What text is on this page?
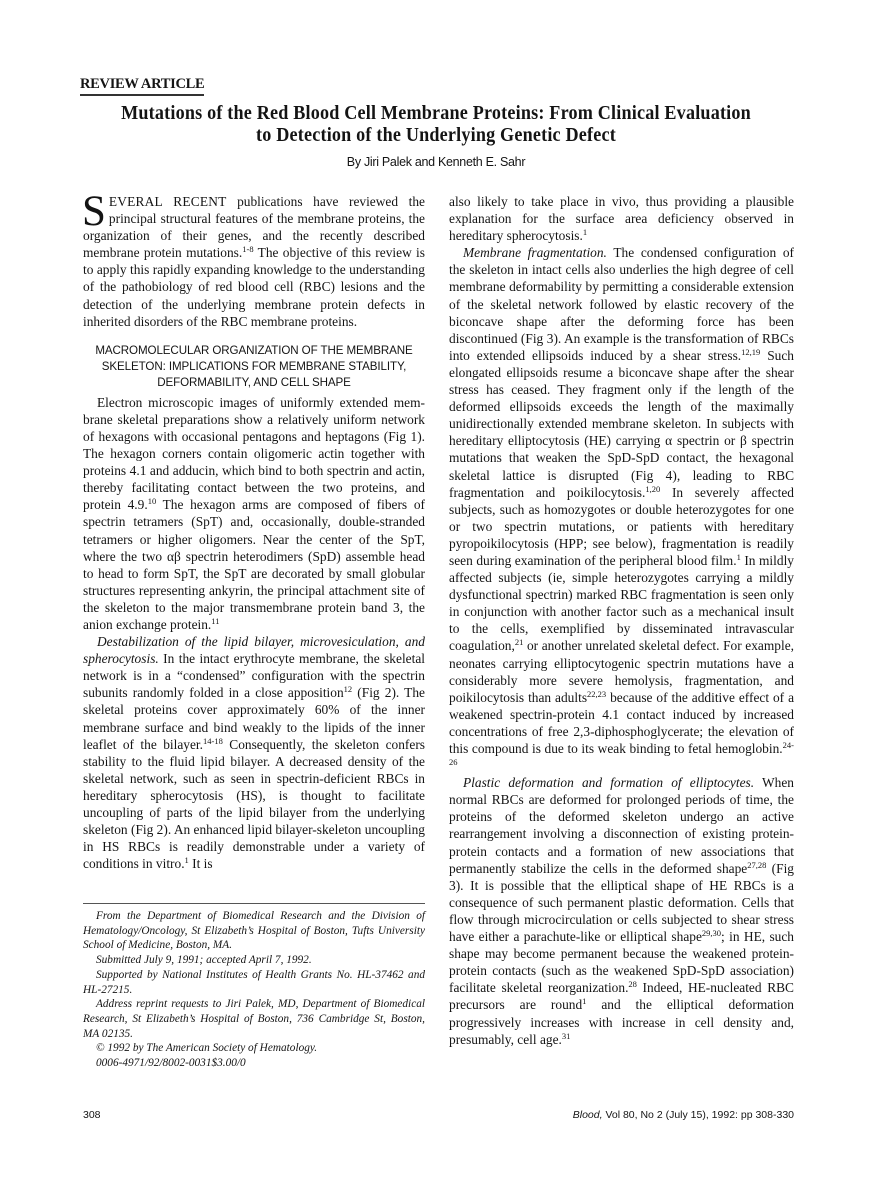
REVIEW ARTICLE
Mutations of the Red Blood Cell Membrane Proteins: From Clinical Evaluation
to Detection of the Underlying Genetic Defect
By Jiri Palek and Kenneth E. Sahr

SEVERAL RECENT publications have reviewed the principal structural features of the membrane proteins, the organization of their genes, and the recently described membrane protein mutations.$^{1-8}$ The objective of this review is to apply this rapidly expanding knowledge to the understanding of the pathobiology of red blood cell (RBC) lesions and the detection of the underlying membrane protein defects in inherited disorders of the RBC membrane proteins.

MACROMOLECULAR ORGANIZATION OF THE MEMBRANE SKELETON: IMPLICATIONS FOR MEMBRANE STABILITY, DEFORMABILITY, AND CELL SHAPE

Electron microscopic images of uniformly extended membrane skeletal preparations show a relatively uniform network of hexagons with occasional pentagons and heptagons (Fig 1). The hexagon corners contain oligomeric actin together with proteins 4.1 and adducin, which bind to both spectrin and actin, thereby facilitating contact between the two proteins, and protein 4.9.10 The hexagon arms are composed of fibers of spectrin tetramers (SpT) and, occasionally, double-stranded tetramers or higher oligomers. Near the center of the SpT, where the two αβ spectrin heterodimers (SpD) assemble head to head to form SpT, the SpT are decorated by small globular structures representing ankyrin, the principal attachment site of the skeleton to the major transmembrane protein band 3, the anion exchange protein.$^{11}$

Destabilization of the lipid bilayer, microvesiculation, and spherocytosis. In the intact erythrocyte membrane, the skeletal network is in a “condensed” configuration with the spectrin subunits randomly folded in a close apposition$^{12}$ (Fig 2). The skeletal proteins cover approximately 60% of the inner membrane surface and bind weakly to the lipids of the inner leaflet of the bilayer.$^{14-18}$ Consequently, the skeleton confers stability to the fluid lipid bilayer. A decreased density of the skeletal network, such as seen in spectrin-deficient RBCs in hereditary spherocytosis (HS), is thought to facilitate uncoupling of parts of the lipid bilayer from the underlying skeleton (Fig 2). An enhanced lipid bilayer-skeleton uncoupling in HS RBCs is readily demonstrable under a variety of conditions in vitro.$^1$ It is

also likely to take place in vivo, thus providing a plausible explanation for the surface area deficiency observed in hereditary spherocytosis.$^1$

Membrane fragmentation. The condensed configuration of the skeleton in intact cells also underlies the high degree of cell membrane deformability by permitting a considerable extension of the skeletal network followed by elastic recovery of the biconcave shape after the deforming force has been discontinued (Fig 3). An example is the transformation of RBCs into extended ellipsoids induced by a shear stress.$^{12,19}$ Such elongated ellipsoids resume a biconcave shape after the shear stress has ceased. They fragment only if the length of the deformed ellipsoids exceeds the length of the maximally unidirectionally extended membrane skeleton. In subjects with hereditary elliptocytosis (HE) carrying α spectrin or β spectrin mutations that weaken the SpD-SpD contact, the hexagonal skeletal lattice is disrupted (Fig 4), leading to RBC fragmentation and poikilocytosis.$^{1,20}$ In severely affected subjects, such as homozygotes or double heterozygotes for one or two spectrin mutations, or patients with hereditary pyropoikilocytosis (HPP; see below), fragmentation is readily seen during examination of the peripheral blood film.$^1$ In mildly affected subjects (ie, simple heterozygotes carrying a mildly dysfunctional spectrin) marked RBC fragmentation is seen only in conjunction with another factor such as a mechanical insult to the cells, exemplified by disseminated intravascular coagulation,$^{21}$ or another unrelated skeletal defect. For example, neonates carrying elliptocytogenic spectrin mutations have a considerably more severe hemolysis, fragmentation, and poikilocytosis than adults$^{22,23}$ because of the additive effect of a weakened spectrin-protein 4.1 contact induced by increased concentrations of free 2,3-diphosphoglycerate; the elevation of this compound is due to its weak binding to fetal hemoglobin.$^{24-26}$

Plastic deformation and formation of elliptocytes. When normal RBCs are deformed for prolonged periods of time, the proteins of the deformed skeleton undergo an active rearrangement involving a disconnection of existing protein-protein contacts and a formation of new associations that permanently stabilize the cells in the deformed shape$^{27,28}$ (Fig 3). It is possible that the elliptical shape of HE RBCs is a consequence of such permanent plastic deformation. Cells that flow through microcirculation or cells subjected to shear stress have either a parachute-like or elliptical shape$^{29,30}$; in HE, such shape may become permanent because the weakened protein-protein contacts (such as the weakened SpD-SpD association) facilitate skeletal reorganization.$^{28}$ Indeed, HE-nucleated RBC precursors are round$^1$ and the elliptical deformation progressively increases with increase in cell density and, presumably, cell age.$^{31}$

From the Department of Biomedical Research and the Division of Hematology/Oncology, St Elizabeth’s Hospital of Boston, Tufts University School of Medicine, Boston, MA.

Submitted July 9, 1991; accepted April 7, 1992.

Supported by National Institutes of Health Grants No. HL-37462 and HL-27215.

Address reprint requests to Jiri Palek, MD, Department of Biomedical Research, St Elizabeth’s Hospital of Boston, 736 Cambridge St, Boston, MA 02135.

© 1992 by The American Society of Hematology.

0006-4971/92/8002-0031$3.00/0

308	Blood, Vol 80, No 2 (July 15), 1992: pp 308-330
